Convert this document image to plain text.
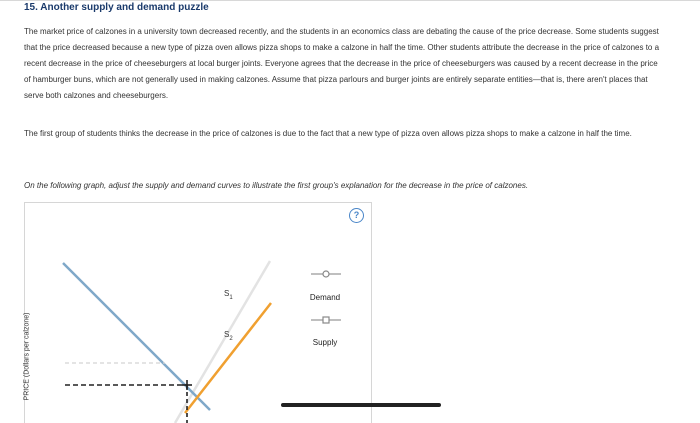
15. Another supply and demand puzzle
The market price of calzones in a university town decreased recently, and the students in an economics class are debating the cause of the price decrease. Some students suggest that the price decreased because a new type of pizza oven allows pizza shops to make a calzone in half the time. Other students attribute the decrease in the price of calzones to a recent decrease in the price of cheeseburgers at local burger joints. Everyone agrees that the decrease in the price of cheeseburgers was caused by a recent decrease in the price of hamburger buns, which are not generally used in making calzones. Assume that pizza parlours and burger joints are entirely separate entities—that is, there aren't places that serve both calzones and cheeseburgers.
The first group of students thinks the decrease in the price of calzones is due to the fact that a new type of pizza oven allows pizza shops to make a calzone in half the time.
On the following graph, adjust the supply and demand curves to illustrate the first group's explanation for the decrease in the price of calzones.
?
$S_1$
$S_2$
Demand
Supply
PRICE (Dollars per calzone)
